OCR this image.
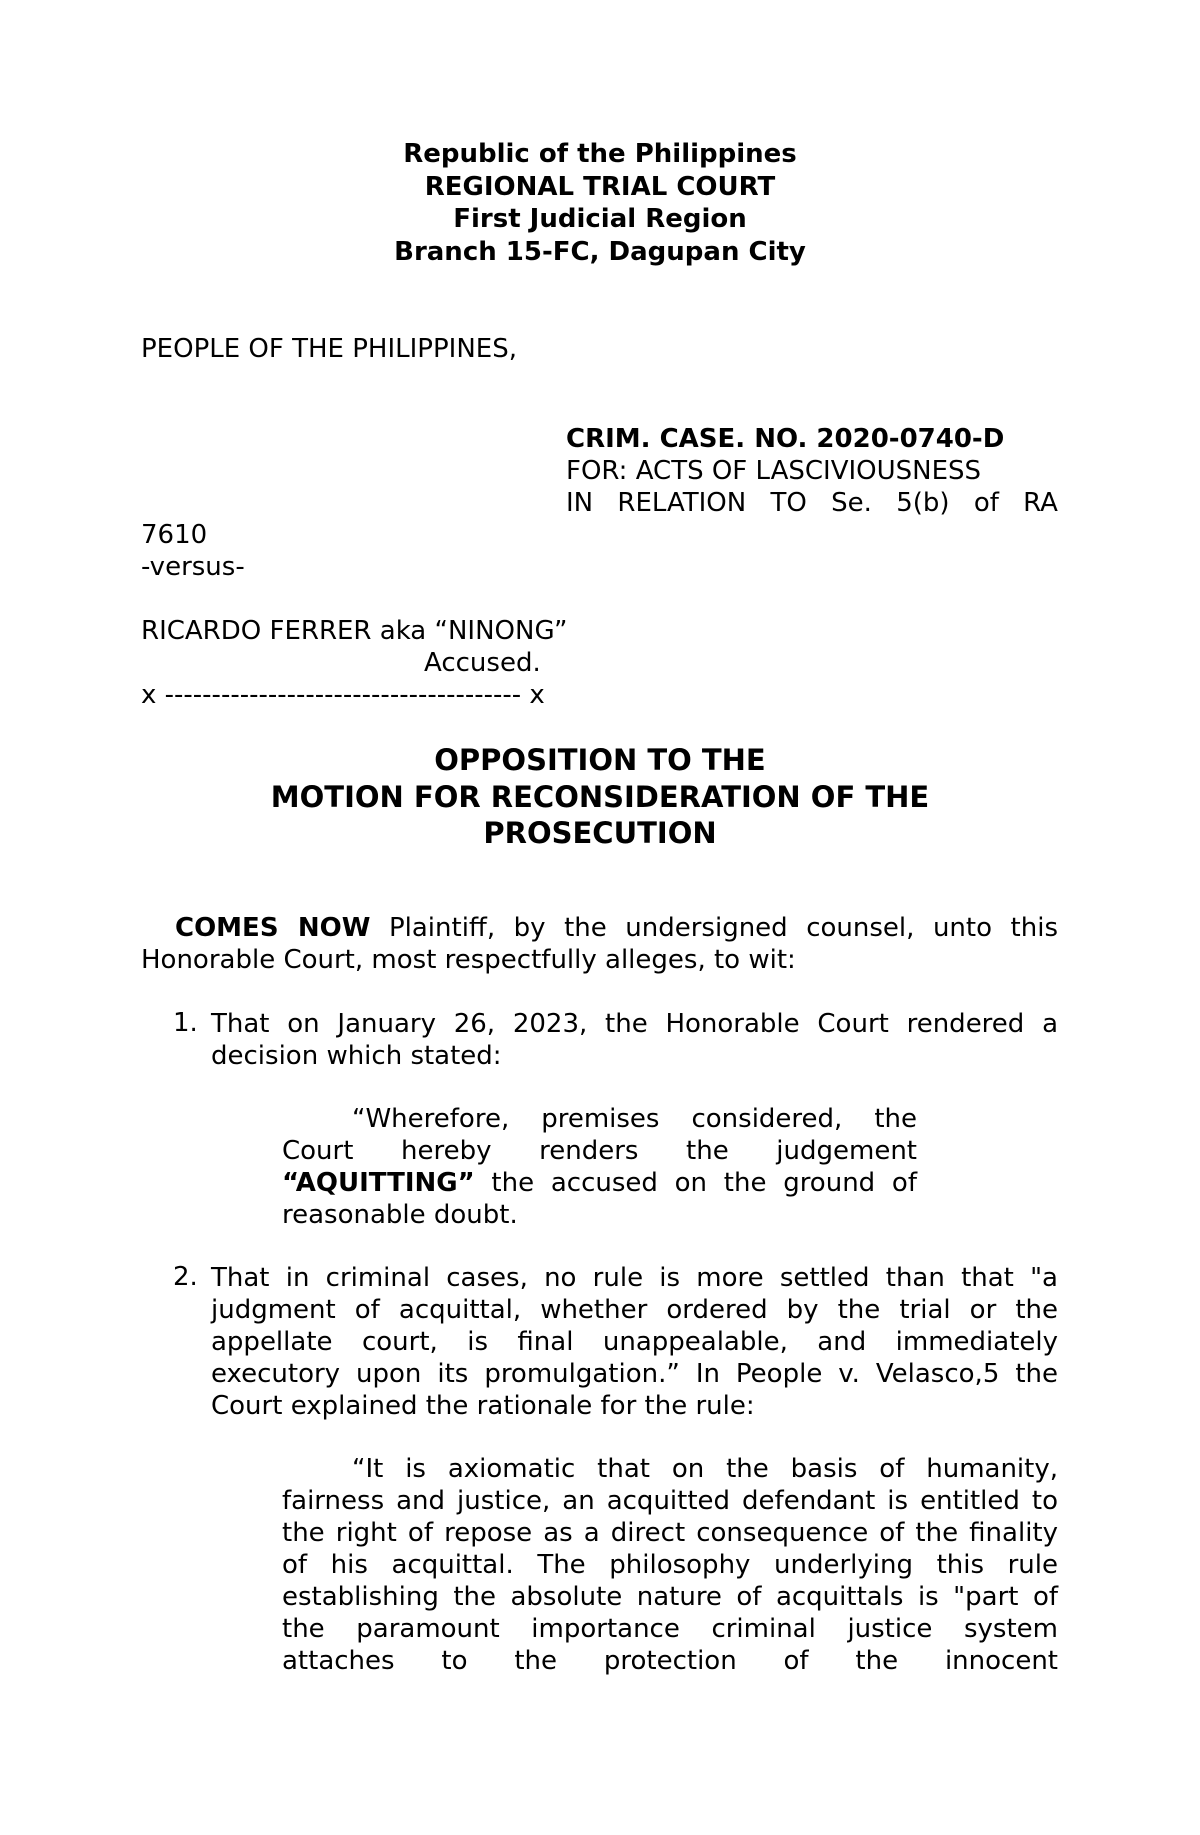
Republic of the Philippines
REGIONAL TRIAL COURT
First Judicial Region
Branch 15-FC, Dagupan City
PEOPLE OF THE PHILIPPINES,
CRIM. CASE. NO. 2020-0740-D
FOR: ACTS OF LASCIVIOUSNESS
IN RELATION TO Se. 5(b) of RA
7610
-versus-
RICARDO FERRER aka “NINONG”
Accused.
x -------------------------------------- x
OPPOSITION TO THE
MOTION FOR RECONSIDERATION OF THE
PROSECUTION
COMES NOW Plaintiff, by the undersigned counsel, unto this Honorable Court, most respectfully alleges, to wit:
1. That on January 26, 2023, the Honorable Court rendered a decision which stated:
“Wherefore, premises considered, the Court hereby renders the judgement “AQUITTING” the accused on the ground of reasonable doubt.
2. That in criminal cases, no rule is more settled than that "a judgment of acquittal, whether ordered by the trial or the appellate court, is final unappealable, and immediately executory upon its promulgation.” In People v. Velasco,5 the Court explained the rationale for the rule:
“It is axiomatic that on the basis of humanity, fairness and justice, an acquitted defendant is entitled to the right of repose as a direct consequence of the finality of his acquittal. The philosophy underlying this rule establishing the absolute nature of acquittals is "part of the paramount importance criminal justice system attaches to the protection of the innocent
